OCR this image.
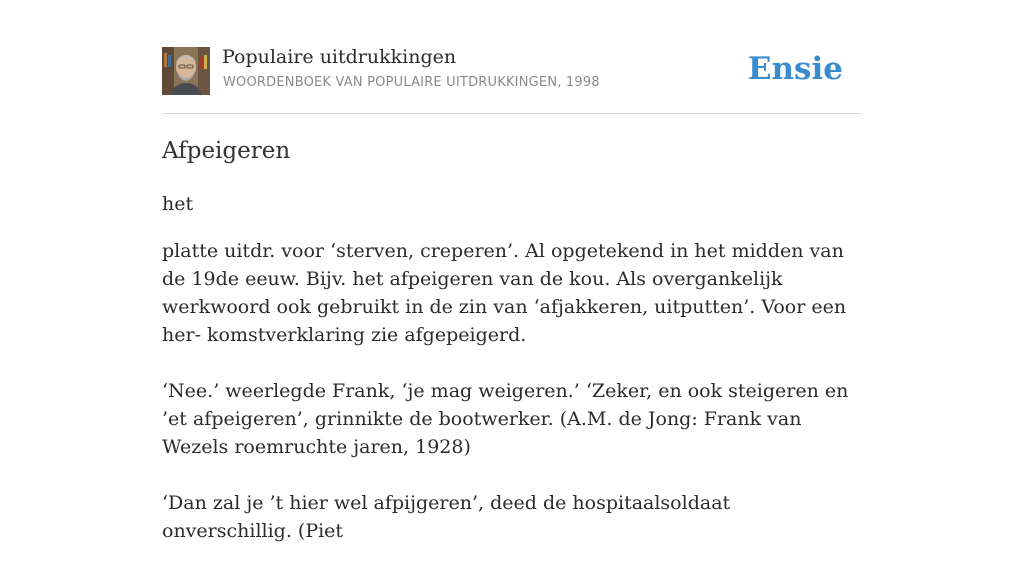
Populaire uitdrukkingen
WOORDENBOEK VAN POPULAIRE UITDRUKKINGEN, 1998	Ensie
Afpeigeren

het

platte uitdr. voor ‘sterven, creperen’. Al opgetekend in het midden van de 19de eeuw. Bijv. het afpeigeren van de kou. Als overgankelijk werkwoord ook gebruikt in de zin van ‘afjakkeren, uitputten’. Voor een her- komstverklaring zie afgepeigerd.

‘Nee.’ weerlegde Frank, ‘je mag weigeren.’ ‘Zeker, en ook steigeren en ’et afpeigeren’, grinnikte de bootwerker. (A.M. de Jong: Frank van Wezels roemruchte jaren, 1928)

‘Dan zal je ’t hier wel afpijgeren’, deed de hospitaalsoldaat onverschillig. (Piet
